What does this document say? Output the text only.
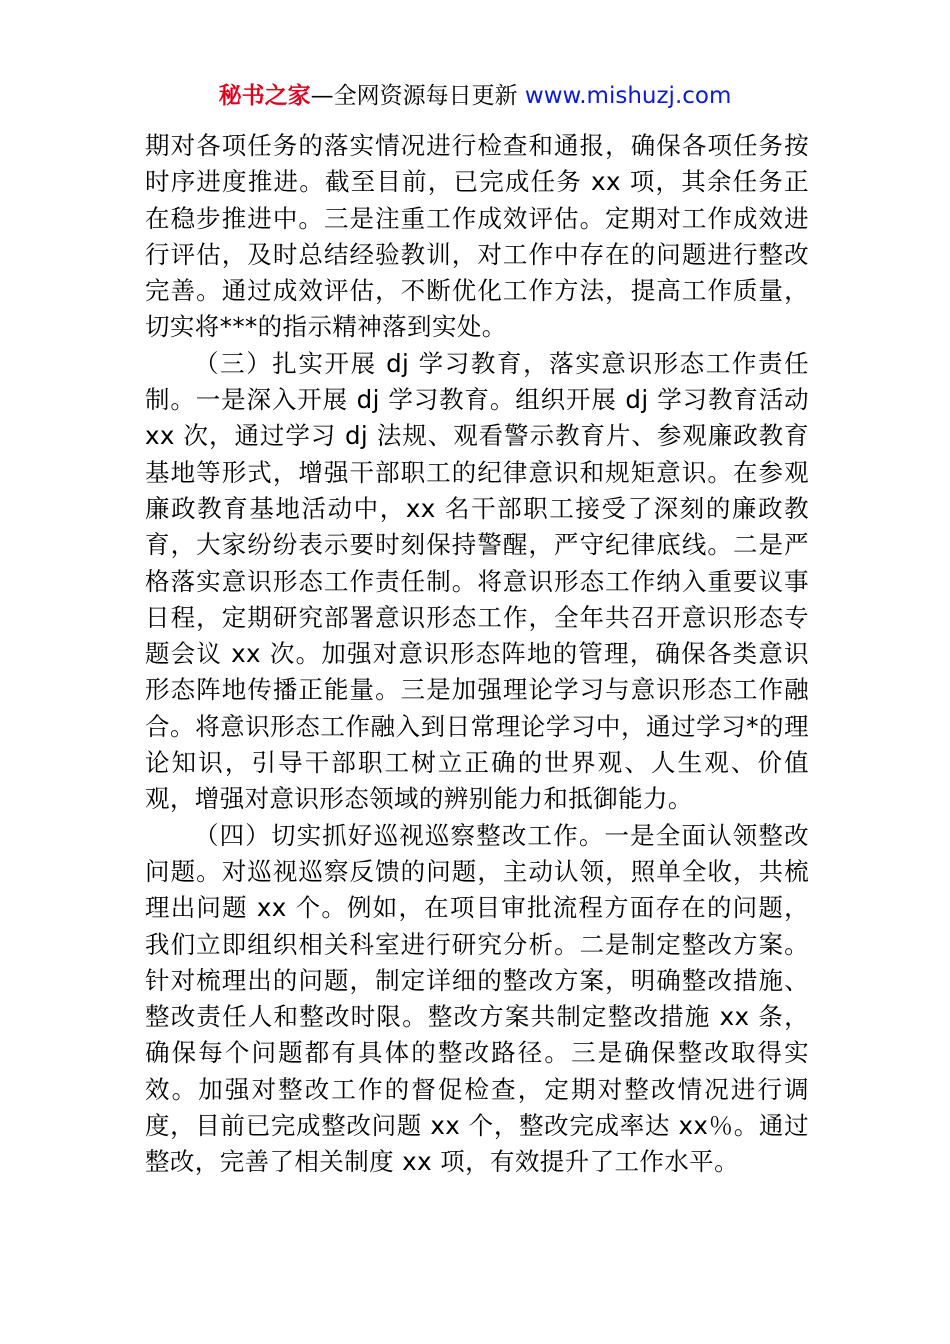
秘书之家—全网资源每日更新 www.mishuzj.com

期对各项任务的落实情况进行检查和通报，确保各项任务按时序进度推进。截至目前，已完成任务 xx 项，其余任务正在稳步推进中。三是注重工作成效评估。定期对工作成效进行评估，及时总结经验教训，对工作中存在的问题进行整改完善。通过成效评估，不断优化工作方法，提高工作质量，切实将***的指示精神落到实处。

（三）扎实开展 dj 学习教育，落实意识形态工作责任制。一是深入开展 dj 学习教育。组织开展 dj 学习教育活动 xx 次，通过学习 dj 法规、观看警示教育片、参观廉政教育基地等形式，增强干部职工的纪律意识和规矩意识。在参观廉政教育基地活动中，xx 名干部职工接受了深刻的廉政教育，大家纷纷表示要时刻保持警醒，严守纪律底线。二是严格落实意识形态工作责任制。将意识形态工作纳入重要议事日程，定期研究部署意识形态工作，全年共召开意识形态专题会议 xx 次。加强对意识形态阵地的管理，确保各类意识形态阵地传播正能量。三是加强理论学习与意识形态工作融合。将意识形态工作融入到日常理论学习中，通过学习*的理论知识，引导干部职工树立正确的世界观、人生观、价值观，增强对意识形态领域的辨别能力和抵御能力。

（四）切实抓好巡视巡察整改工作。一是全面认领整改问题。对巡视巡察反馈的问题，主动认领，照单全收，共梳理出问题 xx 个。例如，在项目审批流程方面存在的问题，我们立即组织相关科室进行研究分析。二是制定整改方案。针对梳理出的问题，制定详细的整改方案，明确整改措施、整改责任人和整改时限。整改方案共制定整改措施 xx 条，确保每个问题都有具体的整改路径。三是确保整改取得实效。加强对整改工作的督促检查，定期对整改情况进行调度，目前已完成整改问题 xx 个，整改完成率达 xx％。通过整改，完善了相关制度 xx 项，有效提升了工作水平。
